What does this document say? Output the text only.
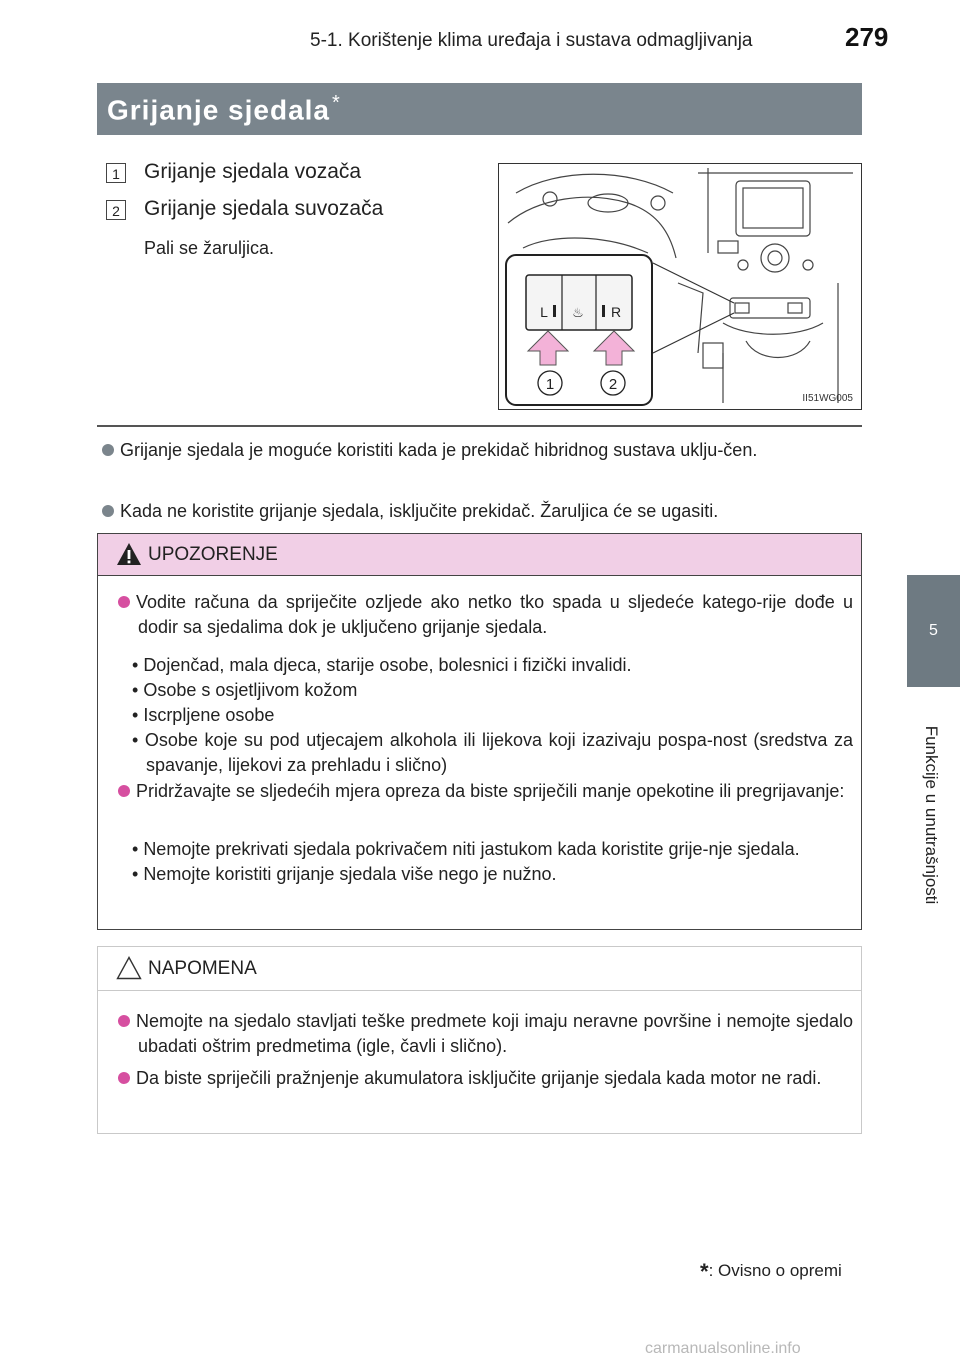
5-1. Korištenje klima uređaja i sustava odmagljivanja	279
5
Funkcije u unutrašnjosti
Grijanje sjedala *
1 Grijanje sjedala vozača
2 Grijanje sjedala suvozača
Pali se žaruljica.
♨
L	R
1	2
II51WG005
Grijanje sjedala je moguće koristiti kada je prekidač hibridnog sustava uklju-čen.
Kada ne koristite grijanje sjedala, isključite prekidač. Žaruljica će se ugasiti.
UPOZORENJE
Vodite računa da spriječite ozljede ako netko tko spada u sljedeće katego-rije dođe u dodir sa sjedalima dok je uključeno grijanje sjedala.
• Dojenčad, mala djeca, starije osobe, bolesnici i fizički invalidi.
• Osobe s osjetljivom kožom
• Iscrpljene osobe
• Osobe koje su pod utjecajem alkohola ili lijekova koji izazivaju pospa-nost (sredstva za spavanje, lijekovi za prehladu i slično)
Pridržavajte se sljedećih mjera opreza da biste spriječili manje opekotine ili pregrijavanje:
• Nemojte prekrivati sjedala pokrivačem niti jastukom kada koristite grije-nje sjedala.
• Nemojte koristiti grijanje sjedala više nego je nužno.
NAPOMENA
Nemojte na sjedalo stavljati teške predmete koji imaju neravne površine i nemojte sjedalo ubadati oštrim predmetima (igle, čavli i slično).
Da biste spriječili pražnjenje akumulatora isključite grijanje sjedala kada motor ne radi.
*: Ovisno o opremi
carmanualsonline.info
